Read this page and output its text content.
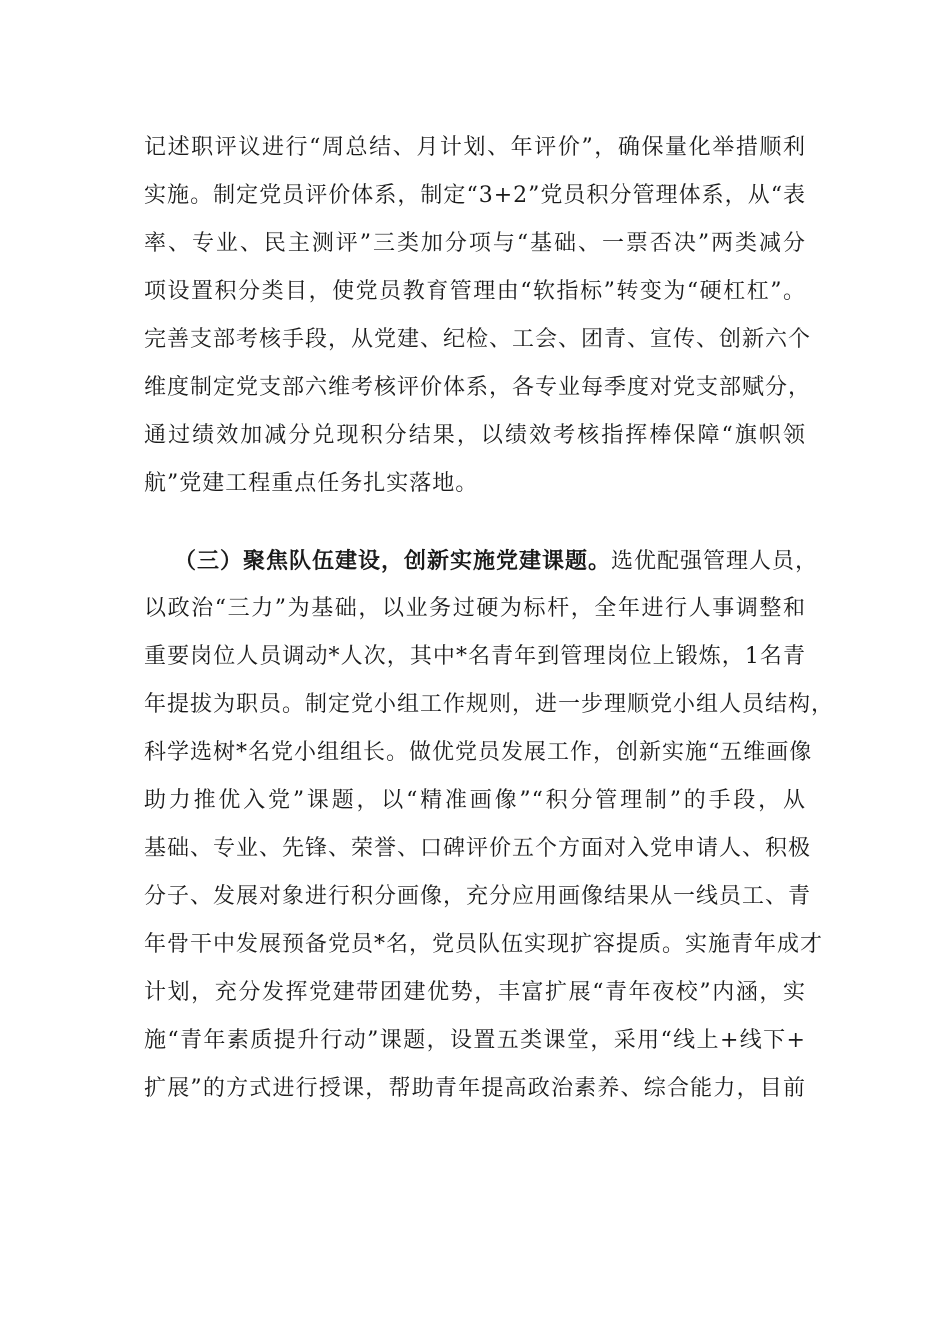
记述职评议进行“周总结、月计划、年评价”，确保量化举措顺利
实施。制定党员评价体系，制定“3+2”党员积分管理体系，从“表
率、专业、民主测评”三类加分项与“基础、一票否决”两类减分
项设置积分类目，使党员教育管理由“软指标”转变为“硬杠杠”。
完善支部考核手段，从党建、纪检、工会、团青、宣传、创新六个
维度制定党支部六维考核评价体系，各专业每季度对党支部赋分，
通过绩效加减分兑现积分结果，以绩效考核指挥棒保障“旗帜领
航”党建工程重点任务扎实落地。
（三）聚焦队伍建设，创新实施党建课题。选优配强管理人员，
以政治“三力”为基础，以业务过硬为标杆，全年进行人事调整和
重要岗位人员调动*人次，其中*名青年到管理岗位上锻炼，1名青
年提拔为职员。制定党小组工作规则，进一步理顺党小组人员结构，
科学选树*名党小组组长。做优党员发展工作，创新实施“五维画像
助力推优入党”课题，以“精准画像”“积分管理制”的手段，从
基础、专业、先锋、荣誉、口碑评价五个方面对入党申请人、积极
分子、发展对象进行积分画像，充分应用画像结果从一线员工、青
年骨干中发展预备党员*名，党员队伍实现扩容提质。实施青年成才
计划，充分发挥党建带团建优势，丰富扩展“青年夜校”内涵，实
施“青年素质提升行动”课题，设置五类课堂，采用“线上+线下+
扩展”的方式进行授课，帮助青年提高政治素养、综合能力，目前
